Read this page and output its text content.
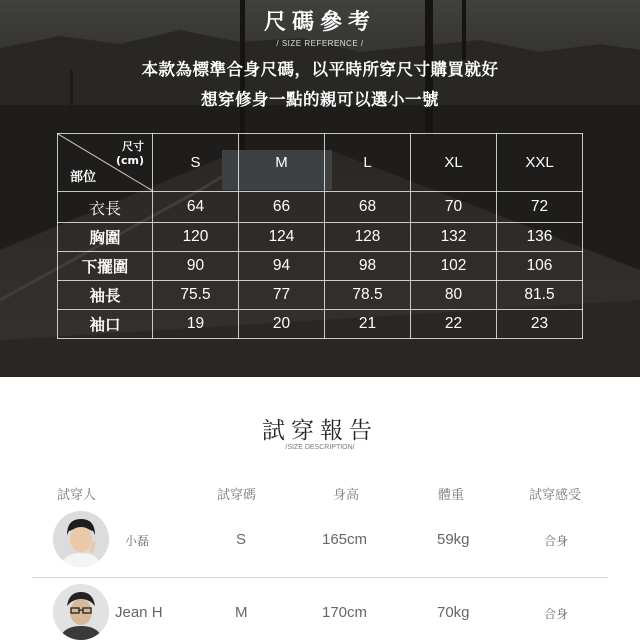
尺碼參考
/ SIZE REFERENCE /
本款為標準合身尺碼，以平時所穿尺寸購買就好
想穿修身一點的親可以選小一號
尺寸
(cm)
部位	S	M	L	XL	XXL
衣長	64	66	68	70	72
胸圍	120	124	128	132	136
下擺圍	90	94	98	102	106
袖長	75.5	77	78.5	80	81.5
袖口	19	20	21	22	23
試穿報告
/SIZE DESCRIPTION/
試穿人	試穿碼	身高	體重	試穿感受
小磊	S	165cm	59kg	合身
Jean H	M	170cm	70kg	合身
